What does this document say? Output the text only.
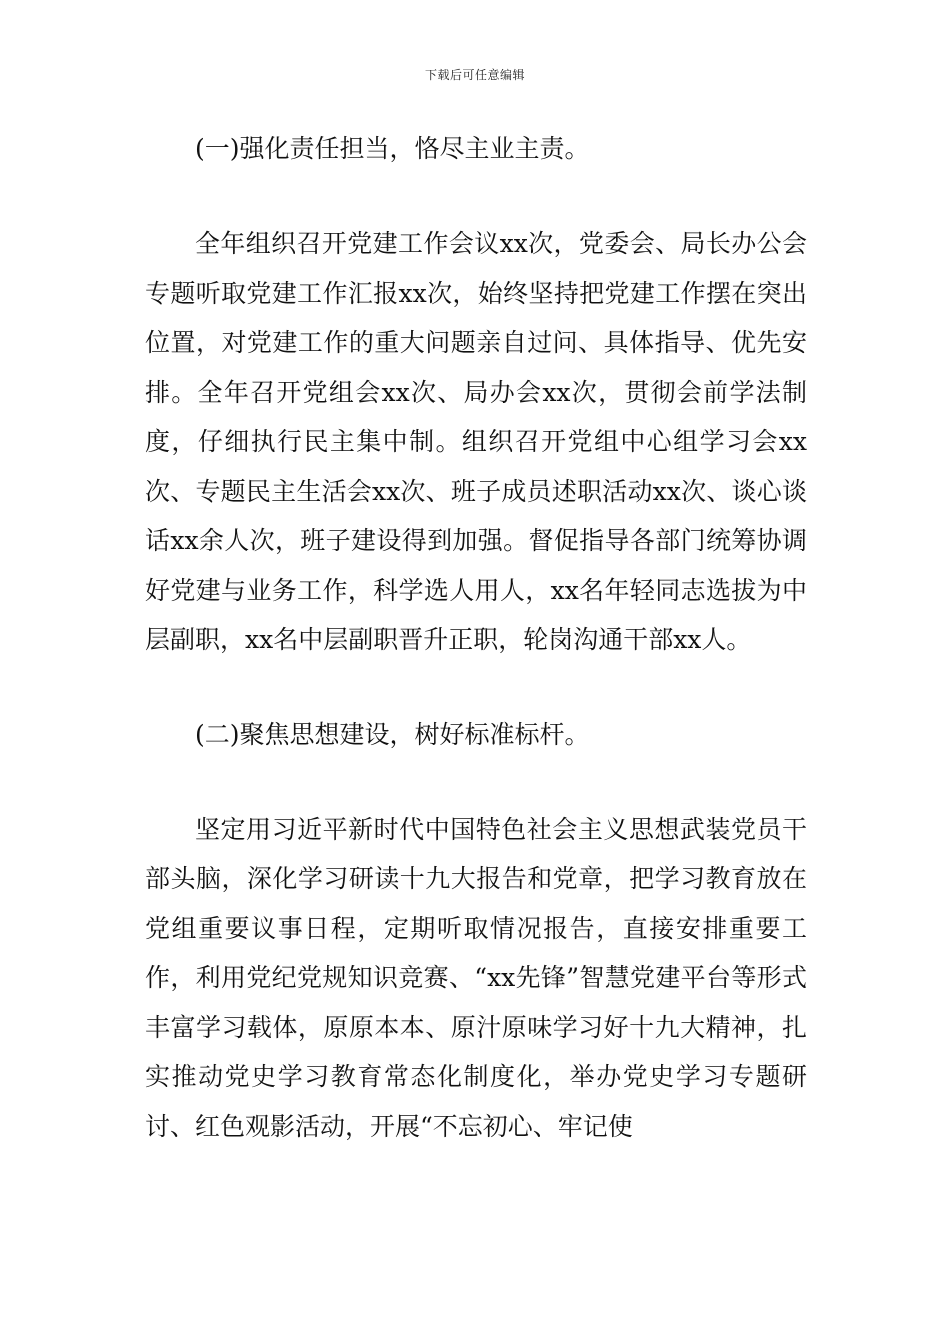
下载后可任意编辑
(一)强化责任担当，恪尽主业主责。

全年组织召开党建工作会议xx次，党委会、局长办公会专题听取党建工作汇报xx次，始终坚持把党建工作摆在突出位置，对党建工作的重大问题亲自过问、具体指导、优先安排。全年召开党组会xx次、局办会xx次，贯彻会前学法制度，仔细执行民主集中制。组织召开党组中心组学习会xx次、专题民主生活会xx次、班子成员述职活动xx次、谈心谈话xx余人次，班子建设得到加强。督促指导各部门统筹协调好党建与业务工作，科学选人用人，xx名年轻同志选拔为中层副职，xx名中层副职晋升正职，轮岗沟通干部xx人。

(二)聚焦思想建设，树好标准标杆。

坚定用习近平新时代中国特色社会主义思想武装党员干部头脑，深化学习研读十九大报告和党章，把学习教育放在党组重要议事日程，定期听取情况报告，直接安排重要工作，利用党纪党规知识竞赛、“xx先锋”智慧党建平台等形式丰富学习载体，原原本本、原汁原味学习好十九大精神，扎实推动党史学习教育常态化制度化，举办党史学习专题研讨、红色观影活动，开展“不忘初心、牢记使
